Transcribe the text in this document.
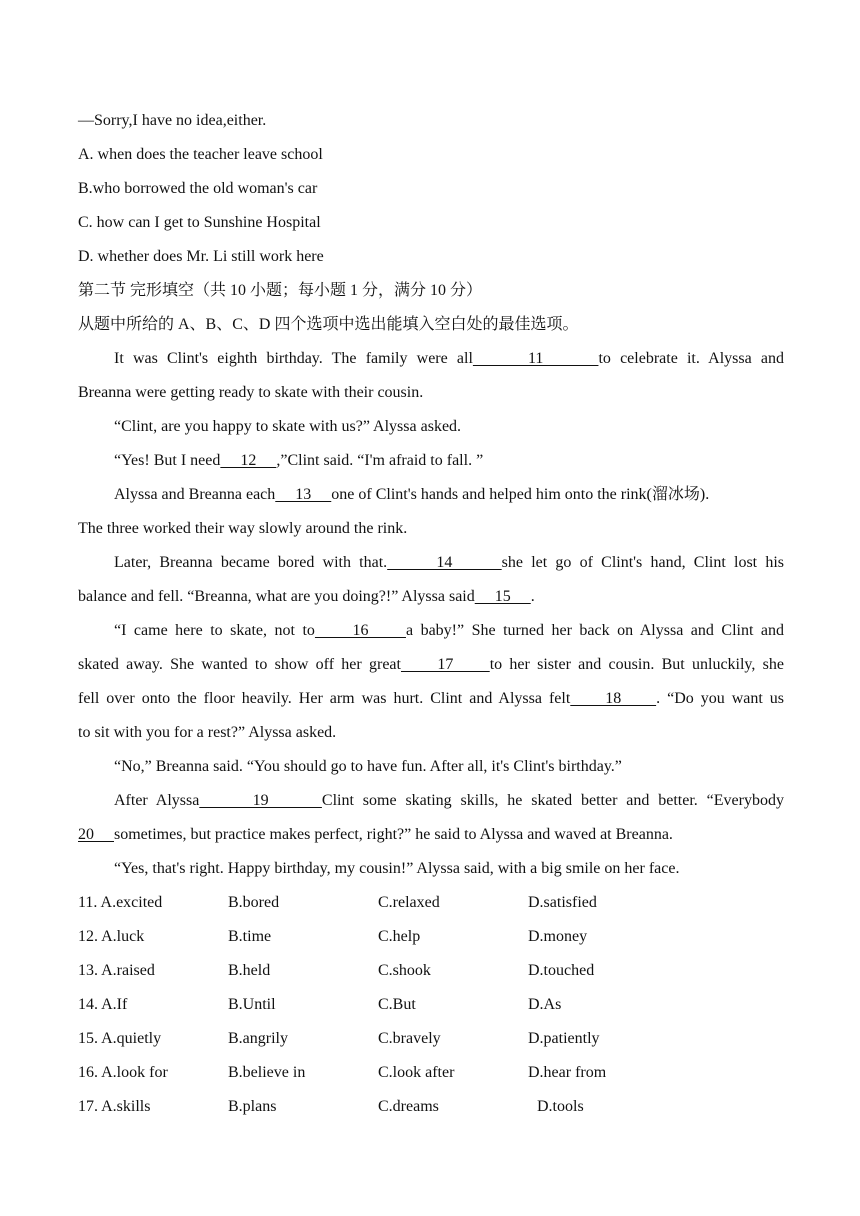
—Sorry,I have no idea,either.
A. when does the teacher leave school
B.who borrowed the old woman's car
C. how can I get to Sunshine Hospital
D. whether does Mr. Li still work here
第二节 完形填空（共 10 小题；每小题 1 分，满分 10 分）
从题中所给的 A、B、C、D 四个选项中选出能填入空白处的最佳选项。
It was Clint's eighth birthday. The family were all      11      to celebrate it. Alyssa and
Breanna were getting ready to skate with their cousin.
“Clint, are you happy to skate with us?” Alyssa asked.
“Yes! But I need     12     ,”Clint said. “I'm afraid to fall. ”
Alyssa and Breanna each     13     one of Clint's hands and helped him onto the rink(溜冰场).
The three worked their way slowly around the rink.
Later, Breanna became bored with that.      14      she let go of Clint's hand, Clint lost his
balance and fell. “Breanna, what are you doing?!” Alyssa said     15     .
“I came here to skate, not to     16     a baby!” She turned her back on Alyssa and Clint and
skated away. She wanted to show off her great     17     to her sister and cousin. But unluckily, she
fell over onto the floor heavily. Her arm was hurt. Clint and Alyssa felt     18     . “Do you want us
to sit with you for a rest?” Alyssa asked.
“No,” Breanna said. “You should go to have fun. After all, it's Clint's birthday.”
After Alyssa      19      Clint some skating skills, he skated better and better. “Everybody
20     sometimes, but practice makes perfect, right?” he said to Alyssa and waved at Breanna.
“Yes, that's right. Happy birthday, my cousin!” Alyssa said, with a big smile on her face.
11. A.excited	B.bored	C.relaxed	D.satisfied
12. A.luck	B.time	C.help	D.money
13. A.raised	B.held	C.shook	D.touched
14. A.If	B.Until	C.But	D.As
15. A.quietly	B.angrily	C.bravely	D.patiently
16. A.look for	B.believe in	C.look after	D.hear from
17. A.skills	B.plans	C.dreams	D.tools
